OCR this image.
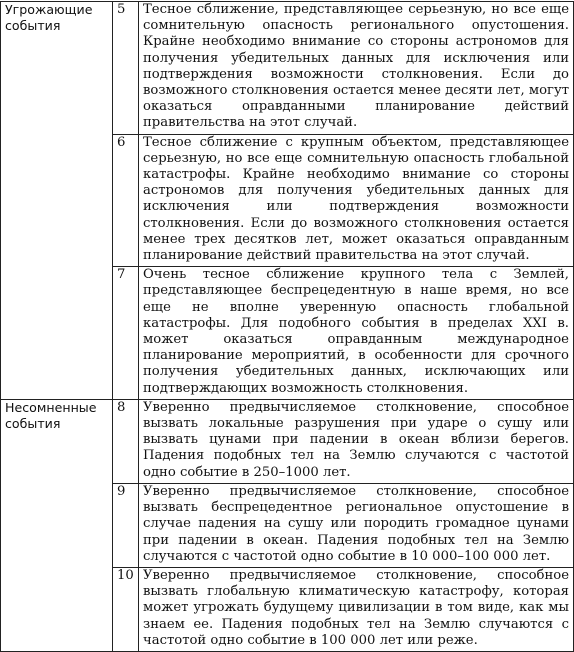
Угрожающие события	5	Тесное сближение, представляющее серьезную, но все еще сомнительную опасность регионального опустошения. Крайне необходимо внимание со стороны астрономов для получения убедительных данных для исключения или подтверждения возможности столкновения. Если до возможного столкновения остается менее десяти лет, могут оказаться оправданными планирование действий правительства на этот случай.
	6	Тесное сближение с крупным объектом, представляющее серьезную, но все еще сомнительную опасность глобальной катастрофы. Крайне необходимо внимание со стороны астрономов для получения убедительных данных для исключения или подтверждения возможности столкновения. Если до возможного столкновения остается менее трех десятков лет, может оказаться оправданным планирование действий правительства на этот случай.
	7	Очень тесное сближение крупного тела с Землей, представляющее беспрецедентную в наше время, но все еще не вполне уверенную опасность глобальной катастрофы. Для подобного события в пределах XXI в. может оказаться оправданным международное планирование мероприятий, в особенности для срочного получения убедительных данных, исключающих или подтверждающих возможность столкновения.
Несомненные события	8	Уверенно предвычисляемое столкновение, способное вызвать локальные разрушения при ударе о сушу или вызвать цунами при падении в океан вблизи берегов. Падения подобных тел на Землю случаются с частотой одно событие в 250–1000 лет.
	9	Уверенно предвычисляемое столкновение, способное вызвать беспрецедентное региональное опустошение в случае падения на сушу или породить громадное цунами при падении в океан. Падения подобных тел на Землю случаются с частотой одно событие в 10 000–100 000 лет.
	10	Уверенно предвычисляемое столкновение, способное вызвать глобальную климатическую катастрофу, которая может угрожать будущему цивилизации в том виде, как мы знаем ее. Падения подобных тел на Землю случаются с частотой одно событие в 100 000 лет или реже.
